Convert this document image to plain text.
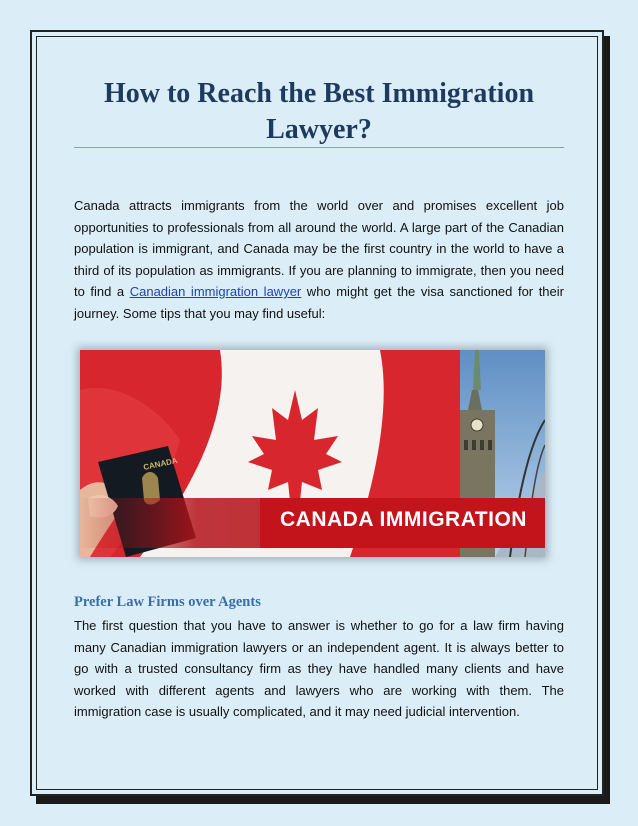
How to Reach the Best Immigration Lawyer?

Canada attracts immigrants from the world over and promises excellent job opportunities to professionals from all around the world. A large part of the Canadian population is immigrant, and Canada may be the first country in the world to have a third of its population as immigrants. If you are planning to immigrate, then you need to find a Canadian immigration lawyer who might get the visa sanctioned for their journey. Some tips that you may find useful:

CANADA
CANADA IMMIGRATION
Prefer Law Firms over Agents

The first question that you have to answer is whether to go for a law firm having many Canadian immigration lawyers or an independent agent. It is always better to go with a trusted consultancy firm as they have handled many clients and have worked with different agents and lawyers who are working with them. The immigration case is usually complicated, and it may need judicial intervention.
